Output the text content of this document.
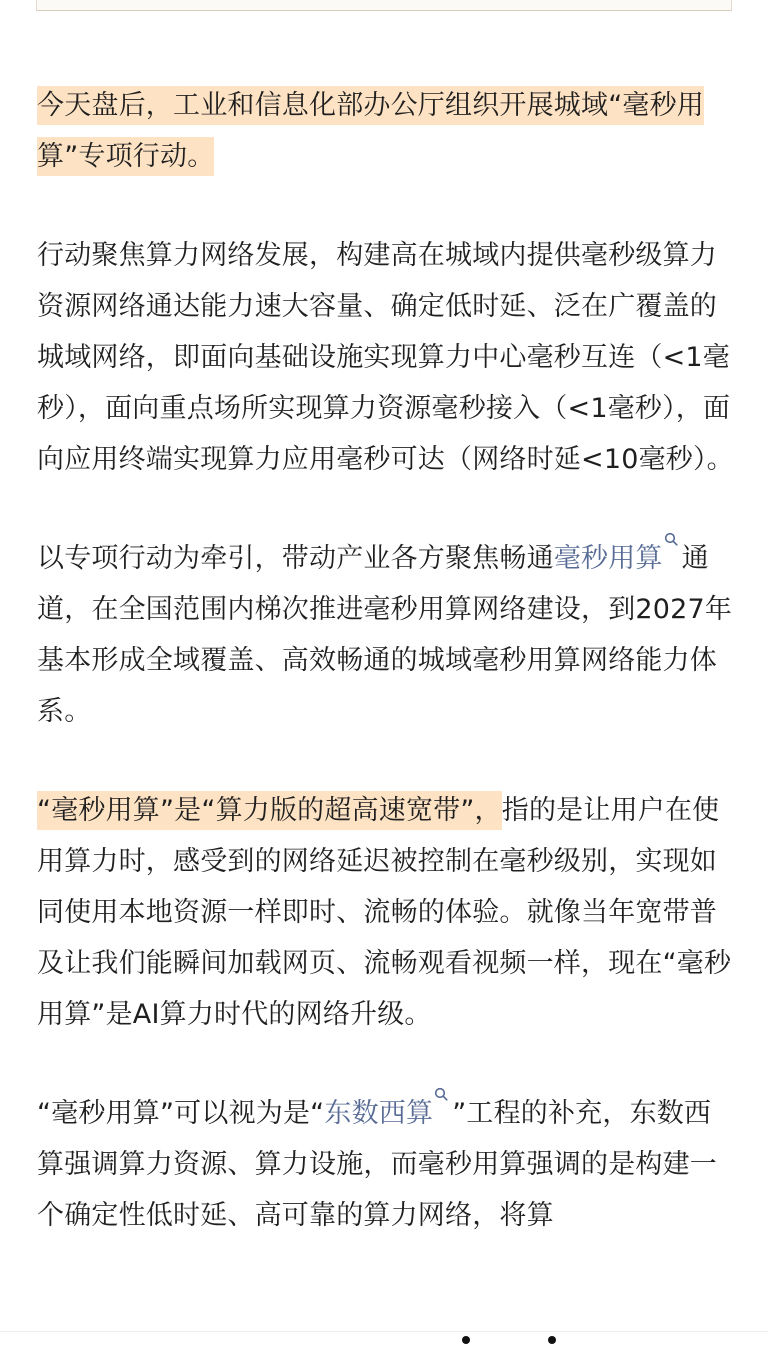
今天盘后，工业和信息化部办公厅组织开展城域“毫秒用算”专项行动。

行动聚焦算力网络发展，构建高在城域内提供毫秒级算力资源网络通达能力速大容量、确定低时延、泛在广覆盖的城域网络，即面向基础设施实现算力中心毫秒互连（<1毫秒），面向重点场所实现算力资源毫秒接入（<1毫秒），面向应用终端实现算力应用毫秒可达（网络时延<10毫秒）。

以专项行动为牵引，带动产业各方聚焦畅通毫秒用算 通道，在全国范围内梯次推进毫秒用算网络建设，到2027年基本形成全域覆盖、高效畅通的城域毫秒用算网络能力体系。

“毫秒用算”是“算力版的超高速宽带”，指的是让用户在使用算力时，感受到的网络延迟被控制在毫秒级别，实现如同使用本地资源一样即时、流畅的体验。就像当年宽带普及让我们能瞬间加载网页、流畅观看视频一样，现在“毫秒用算”是AI算力时代的网络升级。

“毫秒用算”可以视为是“东数西算 ”工程的补充，东数西算强调算力资源、算力设施，而毫秒用算强调的是构建一个确定性低时延、高可靠的算力网络，将算
